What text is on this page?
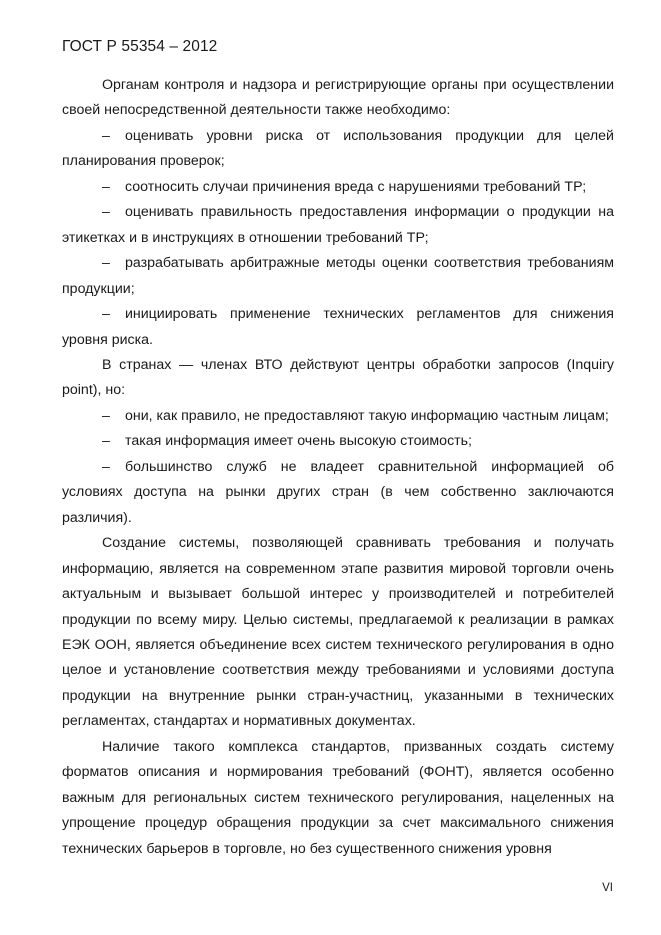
ГОСТ Р 55354 – 2012

Органам контроля и надзора и регистрирующие органы при осуществлении своей непосредственной деятельности также необходимо:

– оценивать уровни риска от использования продукции для целей планирования проверок;

– соотносить случаи причинения вреда с нарушениями требований ТР;

– оценивать правильность предоставления информации о продукции на этикетках и в инструкциях в отношении требований ТР;

– разрабатывать арбитражные методы оценки соответствия требованиям продукции;

– инициировать применение технических регламентов для снижения уровня риска.

В странах — членах ВТО действуют центры обработки запросов (Inquiry point), но:

– они, как правило, не предоставляют такую информацию частным лицам;

– такая информация имеет очень высокую стоимость;

– большинство служб не владеет сравнительной информацией об условиях доступа на рынки других стран (в чем собственно заключаются различия).

Создание системы, позволяющей сравнивать требования и получать информацию, является на современном этапе развития мировой торговли очень актуальным и вызывает большой интерес у производителей и потребителей продукции по всему миру. Целью системы, предлагаемой к реализации в рамках ЕЭК ООН, является объединение всех систем технического регулирования в одно целое и установление соответствия между требованиями и условиями доступа продукции на внутренние рынки стран-участниц, указанными в технических регламентах, стандартах и нормативных документах.

Наличие такого комплекса стандартов, призванных создать систему форматов описания и нормирования требований (ФОНТ), является особенно важным для региональных систем технического регулирования, нацеленных на упрощение процедур обращения продукции за счет максимального снижения технических барьеров в торговле, но без существенного снижения уровня

VI
